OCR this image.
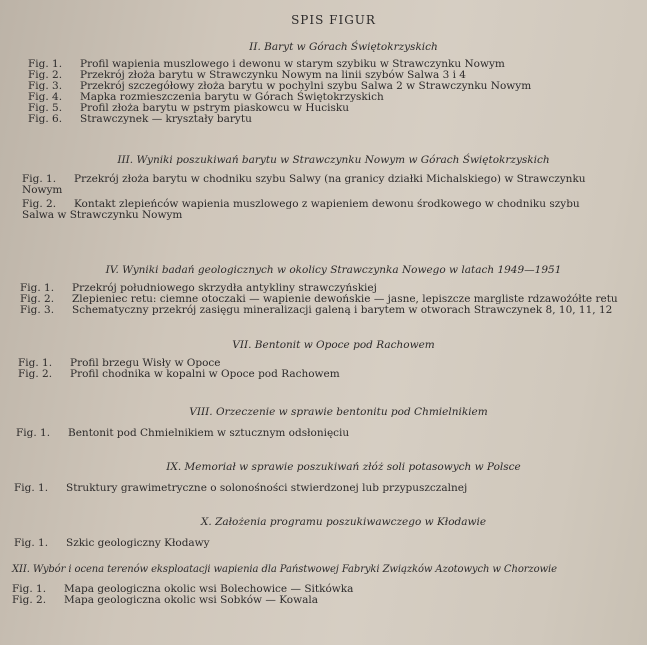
SPIS FIGUR
II. Baryt w Górach Świętokrzyskich
Fig. 1. Profil wapienia muszlowego i dewonu w starym szybiku w Strawczynku Nowym
Fig. 2. Przekrój złoża barytu w Strawczynku Nowym na linii szybów Salwa 3 i 4
Fig. 3. Przekrój szczegółowy złoża barytu w pochylni szybu Salwa 2 w Strawczynku Nowym
Fig. 4. Mapka rozmieszczenia barytu w Górach Świętokrzyskich
Fig. 5. Profil złoża barytu w pstrym piaskowcu w Hucisku
Fig. 6. Strawczynek — kryształy barytu
III. Wyniki poszukiwań barytu w Strawczynku Nowym w Górach Świętokrzyskich
Fig. 1. Przekrój złoża barytu w chodniku szybu Salwy (na granicy działki Michalskiego) w Strawczynku
Nowym
Fig. 2. Kontakt zlepieńców wapienia muszlowego z wapieniem dewonu środkowego w chodniku szybu
Salwa w Strawczynku Nowym
IV. Wyniki badań geologicznych w okolicy Strawczynka Nowego w latach 1949—1951
Fig. 1. Przekrój południowego skrzydła antykliny strawczyńskiej
Fig. 2. Zlepieniec retu: ciemne otoczaki — wapienie dewońskie — jasne, lepiszcze margliste rdzawożółte retu
Fig. 3. Schematyczny przekrój zasięgu mineralizacji galeną i barytem w otworach Strawczynek 8, 10, 11, 12
VII. Bentonit w Opoce pod Rachowem
Fig. 1. Profil brzegu Wisły w Opoce
Fig. 2. Profil chodnika w kopalni w Opoce pod Rachowem
VIII. Orzeczenie w sprawie bentonitu pod Chmielnikiem
Fig. 1. Bentonit pod Chmielnikiem w sztucznym odsłonięciu
IX. Memoriał w sprawie poszukiwań złóż soli potasowych w Polsce
Fig. 1. Struktury grawimetryczne o solonośności stwierdzonej lub przypuszczalnej
X. Założenia programu poszukiwawczego w Kłodawie
Fig. 1. Szkic geologiczny Kłodawy
XII. Wybór i ocena terenów eksploatacji wapienia dla Państwowej Fabryki Związków Azotowych w Chorzowie
Fig. 1. Mapa geologiczna okolic wsi Bolechowice — Sitkówka
Fig. 2. Mapa geologiczna okolic wsi Sobków — Kowala
